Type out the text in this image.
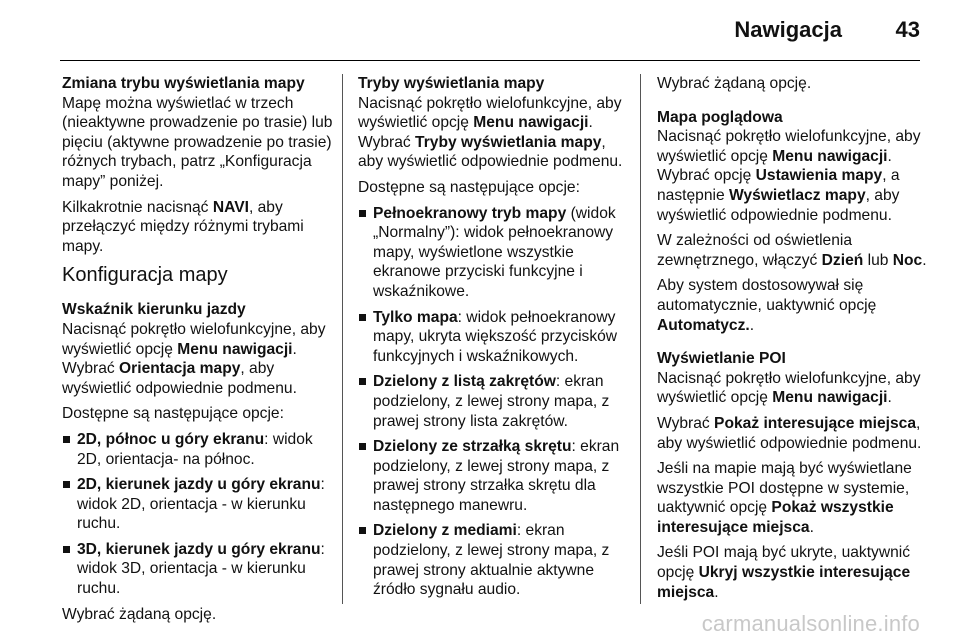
Nawigacja 43
Zmiana trybu wyświetlania mapy

Mapę można wyświetlać w trzech (nieaktywne prowadzenie po trasie) lub pięciu (aktywne prowadzenie po trasie) różnych trybach, patrz „Konfiguracja mapy” poniżej.

Kilkakrotnie nacisnąć NAVI, aby przełączyć między różnymi trybami mapy.

Konfiguracja mapy
Wskaźnik kierunku jazdy

Nacisnąć pokrętło wielofunkcyjne, aby wyświetlić opcję Menu nawigacji. Wybrać Orientacja mapy, aby wyświetlić odpowiednie podmenu.

Dostępne są następujące opcje:

2D, północ u góry ekranu: widok 2D, orientacja- na północ.
2D, kierunek jazdy u góry ekranu: widok 2D, orientacja - w kierunku ruchu.
3D, kierunek jazdy u góry ekranu: widok 3D, orientacja - w kierunku ruchu.

Wybrać żądaną opcję.

Tryby wyświetlania mapy

Nacisnąć pokrętło wielofunkcyjne, aby wyświetlić opcję Menu nawigacji. Wybrać Tryby wyświetlania mapy, aby wyświetlić odpowiednie podmenu.

Dostępne są następujące opcje:

Pełnoekranowy tryb mapy (widok „Normalny”): widok pełnoekranowy mapy, wyświetlone wszystkie ekranowe przyciski funkcyjne i wskaźnikowe.
Tylko mapa: widok pełnoekranowy mapy, ukryta większość przycisków funkcyjnych i wskaźnikowych.
Dzielony z listą zakrętów: ekran podzielony, z lewej strony mapa, z prawej strony lista zakrętów.
Dzielony ze strzałką skrętu: ekran podzielony, z lewej strony mapa, z prawej strony strzałka skrętu dla następnego manewru.
Dzielony z mediami: ekran podzielony, z lewej strony mapa, z prawej strony aktualnie aktywne źródło sygnału audio.

Wybrać żądaną opcję.

Mapa poglądowa

Nacisnąć pokrętło wielofunkcyjne, aby wyświetlić opcję Menu nawigacji. Wybrać opcję Ustawienia mapy, a następnie Wyświetlacz mapy, aby wyświetlić odpowiednie podmenu.

W zależności od oświetlenia zewnętrznego, włączyć Dzień lub Noc.

Aby system dostosowywał się automatycznie, uaktywnić opcję Automatycz..

Wyświetlanie POI

Nacisnąć pokrętło wielofunkcyjne, aby wyświetlić opcję Menu nawigacji.

Wybrać Pokaż interesujące miejsca, aby wyświetlić odpowiednie podmenu.

Jeśli na mapie mają być wyświetlane wszystkie POI dostępne w systemie, uaktywnić opcję Pokaż wszystkie interesujące miejsca.

Jeśli POI mają być ukryte, uaktywnić opcję Ukryj wszystkie interesujące miejsca.

carmanualsonline.info
